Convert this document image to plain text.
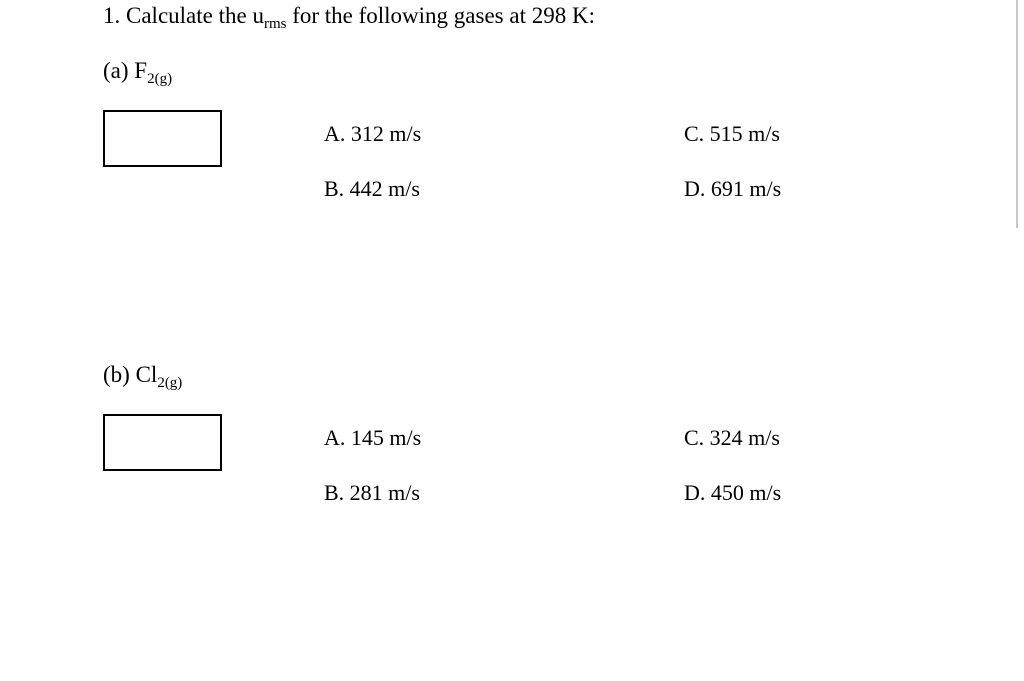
1. Calculate the $u_{rms}$ for the following gases at 298 K:
(a) $F_{2(g)}$
A. 312 m/s
B. 442 m/s
C. 515 m/s
D. 691 m/s
(b) $Cl_{2(g)}$
A. 145 m/s
B. 281 m/s
C. 324 m/s
D. 450 m/s
